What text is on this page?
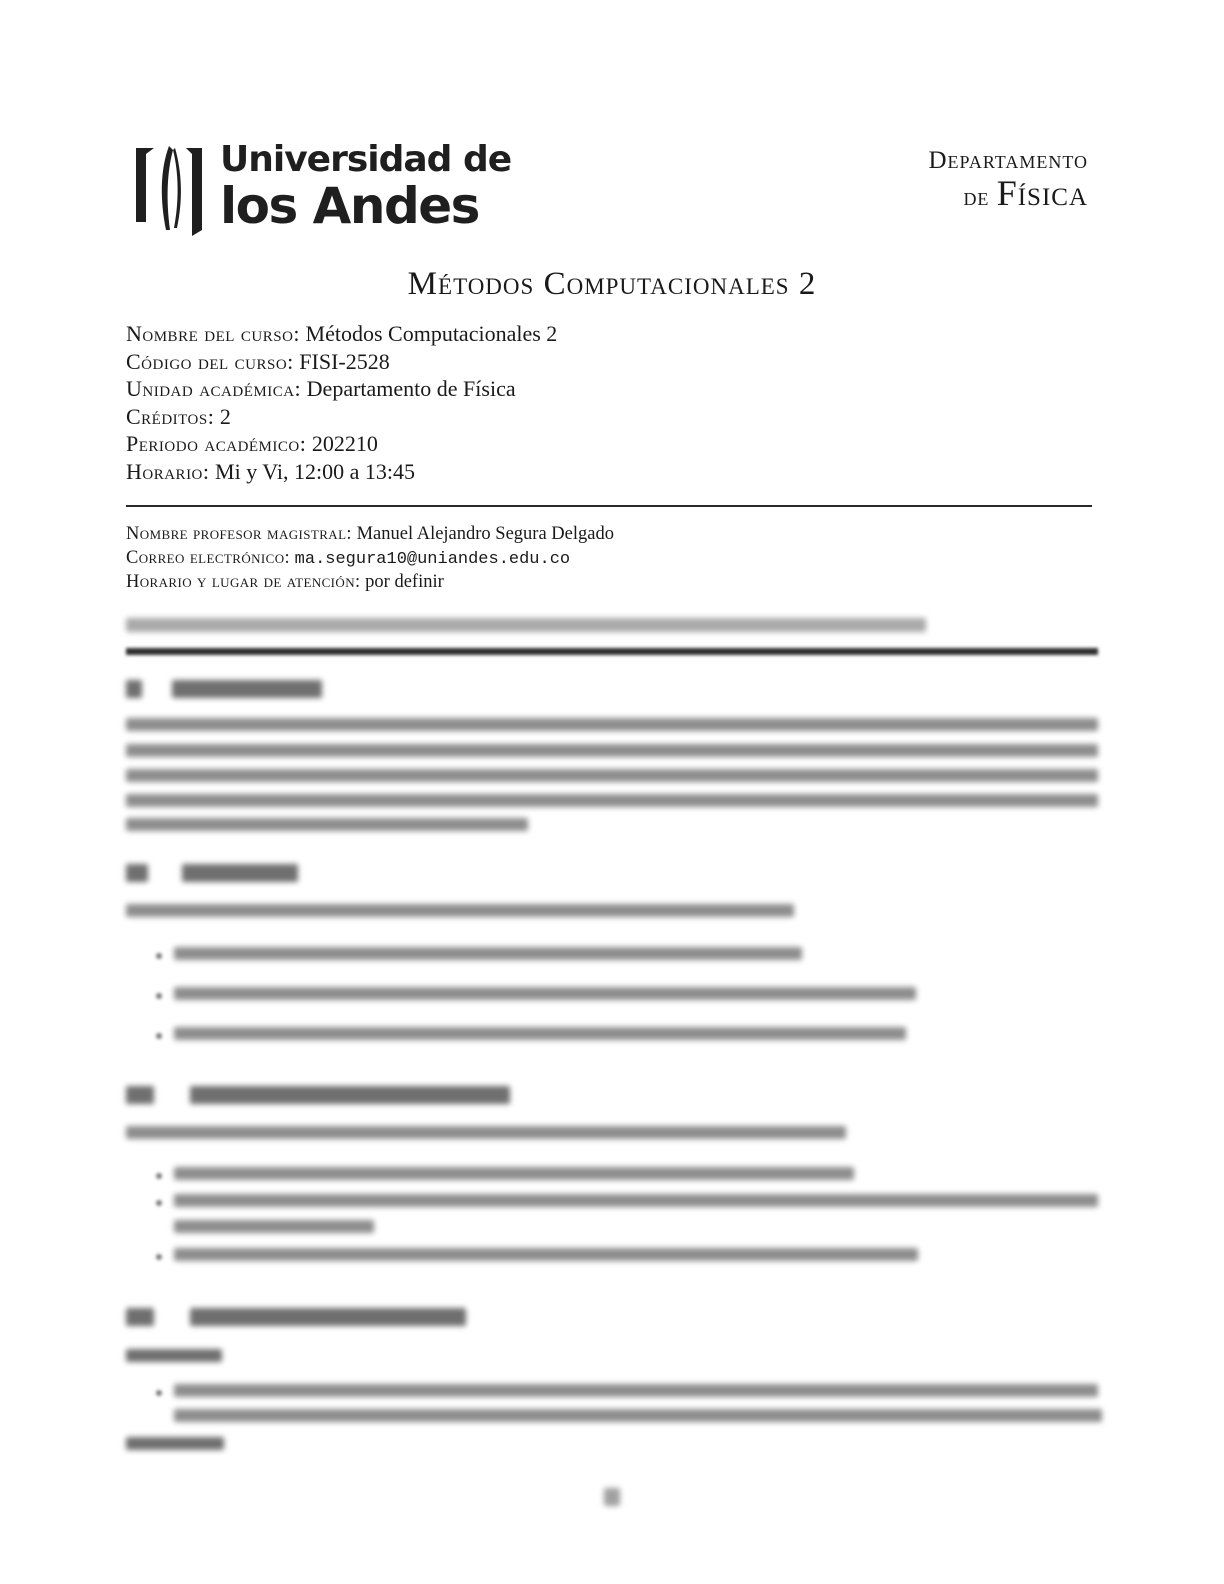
Universidad de
los Andes
Departamento
de Física
Métodos Computacionales 2
Nombre del curso: Métodos Computacionales 2
Código del curso: FISI-2528
Unidad académica: Departamento de Física
Créditos: 2
Periodo académico: 202210
Horario: Mi y Vi, 12:00 a 13:45
Nombre profesor magistral: Manuel Alejandro Segura Delgado
Correo electrónico: ma.segura10@uniandes.edu.co
Horario y lugar de atención: por definir
